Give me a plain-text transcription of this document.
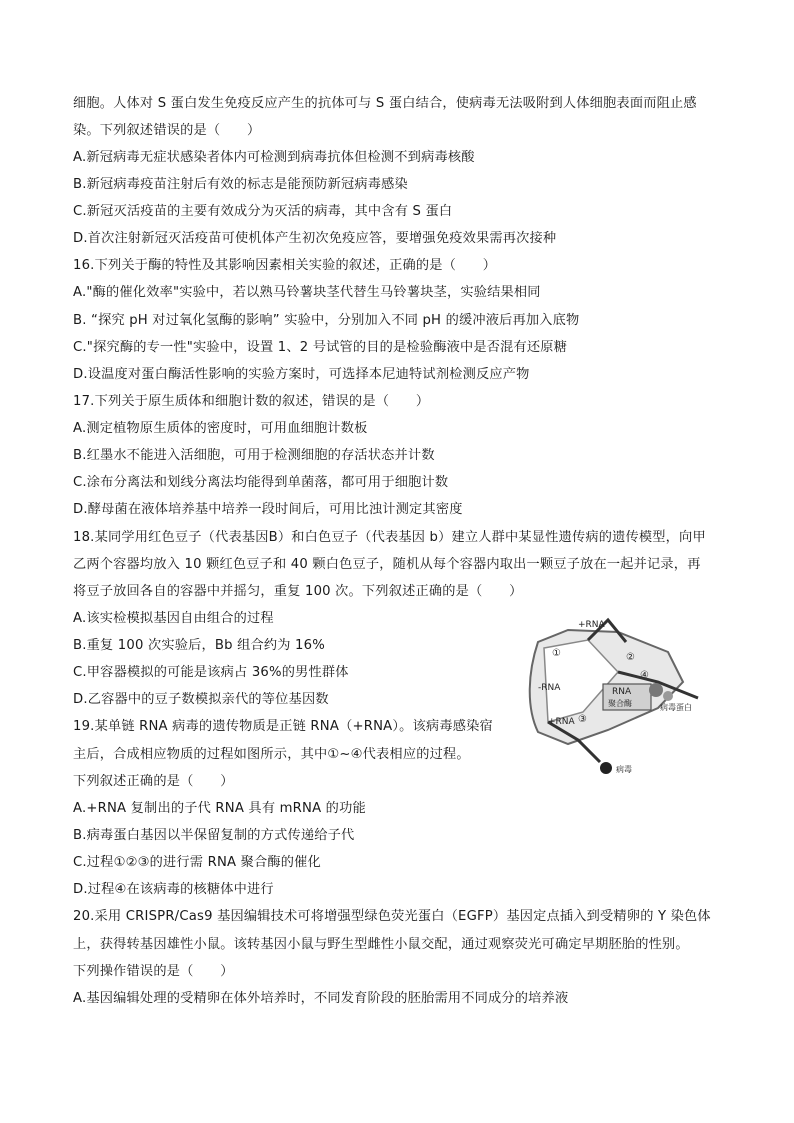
细胞。人体对 S 蛋白发生免疫反应产生的抗体可与 S 蛋白结合，使病毒无法吸附到人体细胞表面而阻止感
染。下列叙述错误的是（　　）
A.新冠病毒无症状感染者体内可检测到病毒抗体但检测不到病毒核酸
B.新冠病毒疫苗注射后有效的标志是能预防新冠病毒感染
C.新冠灭活疫苗的主要有效成分为灭活的病毒，其中含有 S 蛋白
D.首次注射新冠灭活疫苗可使机体产生初次免疫应答，要增强免疫效果需再次接种
16.下列关于酶的特性及其影响因素相关实验的叙述，正确的是（　　）
A."酶的催化效率"实验中，若以熟马铃薯块茎代替生马铃薯块茎，实验结果相同
B. “探究 pH 对过氧化氢酶的影响” 实验中，分别加入不同 pH 的缓冲液后再加入底物
C."探究酶的专一性"实验中，设置 1、2 号试管的目的是检验酶液中是否混有还原糖
D.设温度对蛋白酶活性影响的实验方案时，可选择本尼迪特试剂检测反应产物
17.下列关于原生质体和细胞计数的叙述，错误的是（　　）
A.测定植物原生质体的密度时，可用血细胞计数板
B.红墨水不能进入活细胞，可用于检测细胞的存活状态并计数
C.涂布分离法和划线分离法均能得到单菌落，都可用于细胞计数
D.酵母菌在液体培养基中培养一段时间后，可用比浊计测定其密度
18.某同学用红色豆子（代表基因B）和白色豆子（代表基因 b）建立人群中某显性遗传病的遗传模型，向甲
乙两个容器均放入 10 颗红色豆子和 40 颗白色豆子，随机从每个容器内取出一颗豆子放在一起并记录，再
将豆子放回各自的容器中并摇匀，重复 100 次。下列叙述正确的是（　　）
A.该实检模拟基因自由组合的过程
B.重复 100 次实验后，Bb 组合约为 16%
C.甲容器模拟的可能是该病占 36%的男性群体
D.乙容器中的豆子数模拟亲代的等位基因数
19.某单链 RNA 病毒的遗传物质是正链 RNA（+RNA）。该病毒感染宿
主后，合成相应物质的过程如图所示，其中①~④代表相应的过程。
下列叙述正确的是（　　）
A.+RNA 复制出的子代 RNA 具有 mRNA 的功能
B.病毒蛋白基因以半保留复制的方式传递给子代
C.过程①②③的进行需 RNA 聚合酶的催化
D.过程④在该病毒的核糖体中进行
20.采用 CRISPR/Cas9 基因编辑技术可将增强型绿色荧光蛋白（EGFP）基因定点插入到受精卵的 Y 染色体
上，获得转基因雄性小鼠。该转基因小鼠与野生型雌性小鼠交配，通过观察荧光可确定早期胚胎的性别。
下列操作错误的是（　　）
A.基因编辑处理的受精卵在体外培养时，不同发育阶段的胚胎需用不同成分的培养液
+RNA
-RNA
+RNA
RNA
聚合酶	病毒蛋白
病毒
①	②
③
④
